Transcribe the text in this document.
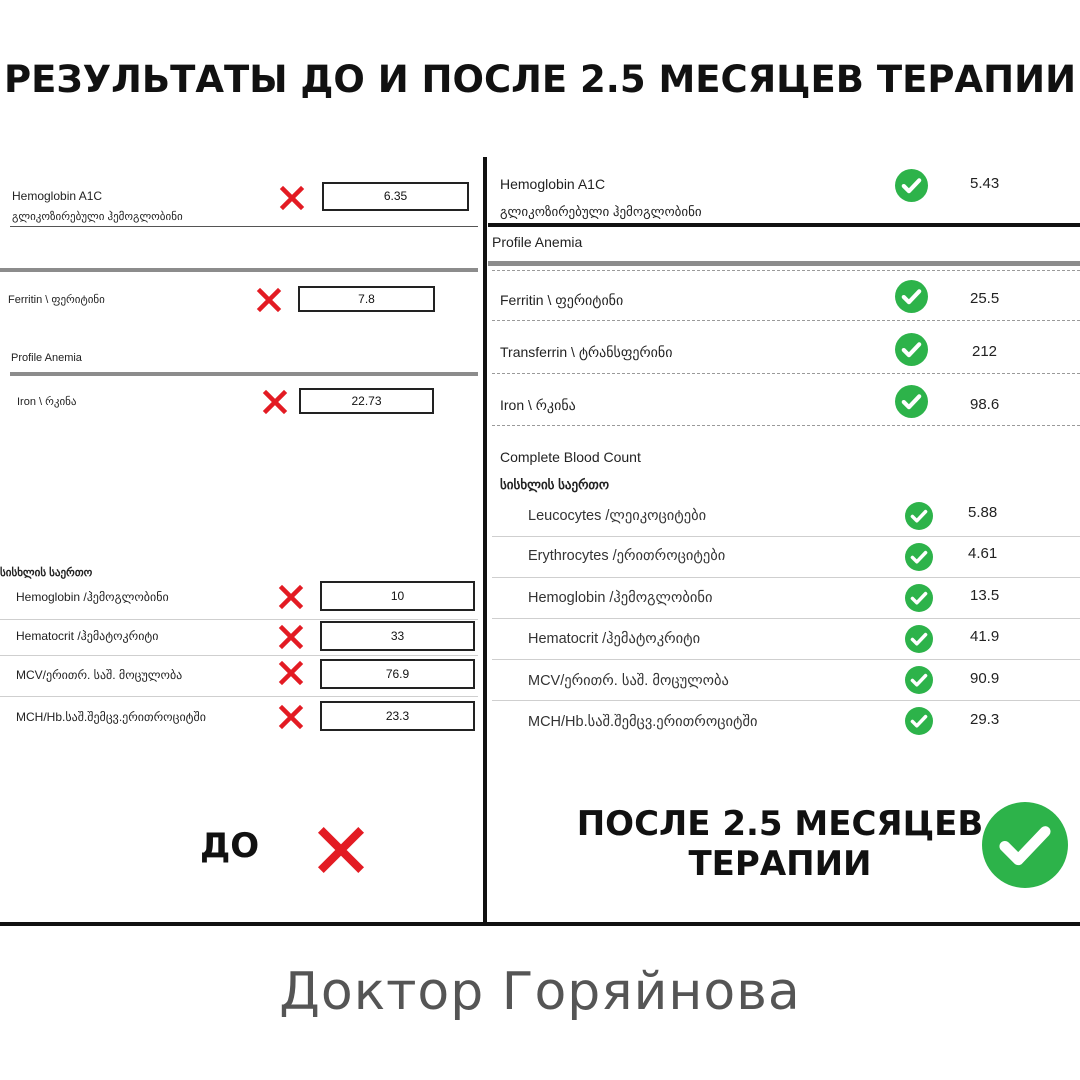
РЕЗУЛЬТАТЫ ДО И ПОСЛЕ 2.5 МЕСЯЦЕВ ТЕРАПИИ
Hemoglobin A1C
გლიკოზირებული ჰემოგლობინი
6.35
Ferritin \ ფერიტინი	7.8
Profile Anemia
Iron \ რკინა	22.73
სისხლის საერთო
Hemoglobin /ჰემოგლობინი	10
Hematocrit /ჰემატოკრიტი	33
MCV/ერითრ. საშ. მოცულობა	76.9
MCH/Hb.საშ.შემცვ.ერითროციტში	23.3
ДО
Hemoglobin A1C
გლიკოზირებული ჰემოგლობინი
5.43
Profile Anemia
Ferritin \ ფერიტინი	25.5
Transferrin \ ტრანსფერინი	212
Iron \ რკინა	98.6
Complete Blood Count
სისხლის საერთო
Leucocytes /ლეიკოციტები	5.88
Erythrocytes /ერითროციტები	4.61
Hemoglobin /ჰემოგლობინი	13.5
Hematocrit /ჰემატოკრიტი	41.9
MCV/ერითრ. საშ. მოცულობა	90.9
MCH/Hb.საშ.შემცვ.ერითროციტში	29.3
ПОСЛЕ 2.5 МЕСЯЦЕВ
ТЕРАПИИ
Доктор Горяйнова
